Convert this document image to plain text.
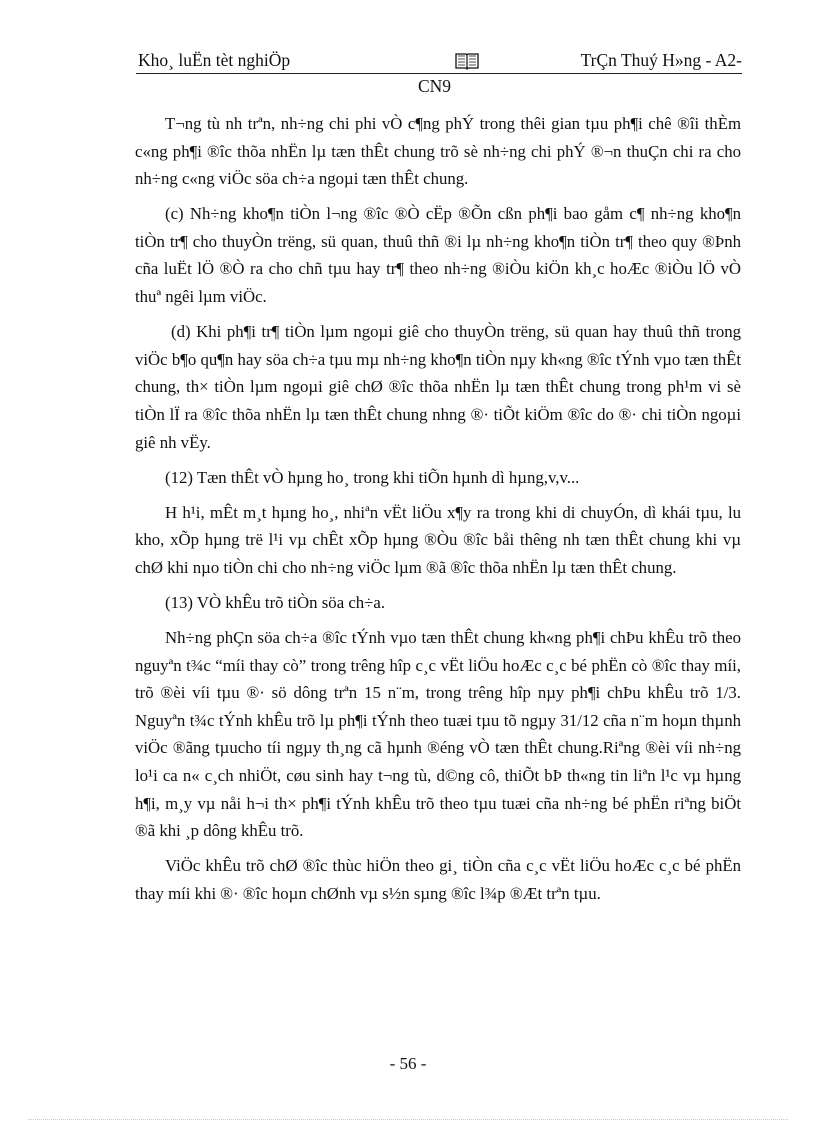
Kho¸ luËn tèt nghiÖp	TrÇn Thuý H»ng - A2-
CN9

T¬ng tù nh trªn, nh÷ng chi phi vÒ c¶ng phÝ trong thêi gian tµu ph¶i chê ®îi thÈm c«ng ph¶i ®îc thõa nhËn lµ tæn thÊt chung trõ sè nh÷ng chi phÝ ®¬n thuÇn chi ra cho nh÷ng c«ng viÖc söa ch÷a ngoµi tæn thÊt chung.

(c) Nh÷ng kho¶n tiÒn l¬ng ®îc ®Ò cËp ®Õn cßn ph¶i bao gåm c¶ nh÷ng kho¶n tiÒn tr¶ cho thuyÒn trëng, sü quan, thuû thñ ®i lµ nh÷ng kho¶n tiÒn tr¶ theo quy ®Þnh cña luËt lÖ ®Ò ra cho chñ tµu hay tr¶ theo nh÷ng ®iÒu kiÖn kh¸c hoÆc ®iÒu lÖ vÒ thuª ngêi lµm viÖc.

(d) Khi ph¶i tr¶ tiÒn lµm ngoµi giê cho thuyÒn trëng, sü quan hay thuû thñ trong viÖc b¶o qu¶n hay söa ch÷a tµu mµ nh÷ng kho¶n tiÒn nµy kh«ng ®îc tÝnh vµo tæn thÊt chung, th× tiÒn lµm ngoµi giê chØ ®îc thõa nhËn lµ tæn thÊt chung trong ph¹m vi sè tiÒn lÏ ra ®îc thõa nhËn lµ tæn thÊt chung nhng ®· tiÕt kiÖm ®îc do ®· chi tiÒn ngoµi giê nh vËy.

(12) Tæn thÊt vÒ hµng ho¸ trong khi tiÕn hµnh dì hµng,v,v...

H h¹i, mÊt m¸t hµng ho¸, nhiªn vËt liÖu x¶y ra trong khi di chuyÓn, dì khái tµu, lu kho, xÕp hµng trë l¹i vµ chÊt xÕp hµng ®Òu ®îc båi thêng nh tæn thÊt chung khi vµ chØ khi nµo tiÒn chi cho nh÷ng viÖc lµm ®ã ®îc thõa nhËn lµ tæn thÊt chung.

(13) VÒ khÊu trõ tiÒn söa ch÷a.

Nh÷ng phÇn söa ch÷a ®îc tÝnh vµo tæn thÊt chung kh«ng ph¶i chÞu khÊu trõ theo nguyªn t¾c “míi thay cò” trong trêng hîp c¸c vËt liÖu hoÆc c¸c bé phËn cò ®îc thay míi, trõ ®èi víi tµu ®· sö dông trªn 15 n¨m, trong trêng hîp nµy ph¶i chÞu khÊu trõ 1/3. Nguyªn t¾c tÝnh khÊu trõ lµ ph¶i tÝnh theo tuæi tµu tõ ngµy 31/12 cña n¨m hoµn thµnh viÖc ®ãng tµucho tíi ngµy th¸ng cã hµnh ®éng vÒ tæn thÊt chung.Riªng ®èi víi nh÷ng lo¹i ca n« c¸ch nhiÖt, cøu sinh hay t¬ng tù, d©ng cô, thiÕt bÞ th«ng tin liªn l¹c vµ hµng h¶i, m¸y vµ nåi h¬i th× ph¶i tÝnh khÊu trõ theo tµu tuæi cña nh÷ng bé phËn riªng biÖt ®ã khi ¸p dông khÊu trõ.

ViÖc khÊu trõ chØ ®îc thùc hiÖn theo gi¸ tiÒn cña c¸c vËt liÖu hoÆc c¸c bé phËn thay míi khi ®· ®îc hoµn chØnh vµ s½n sµng ®îc l¾p ®Æt trªn tµu.

- 56 -
